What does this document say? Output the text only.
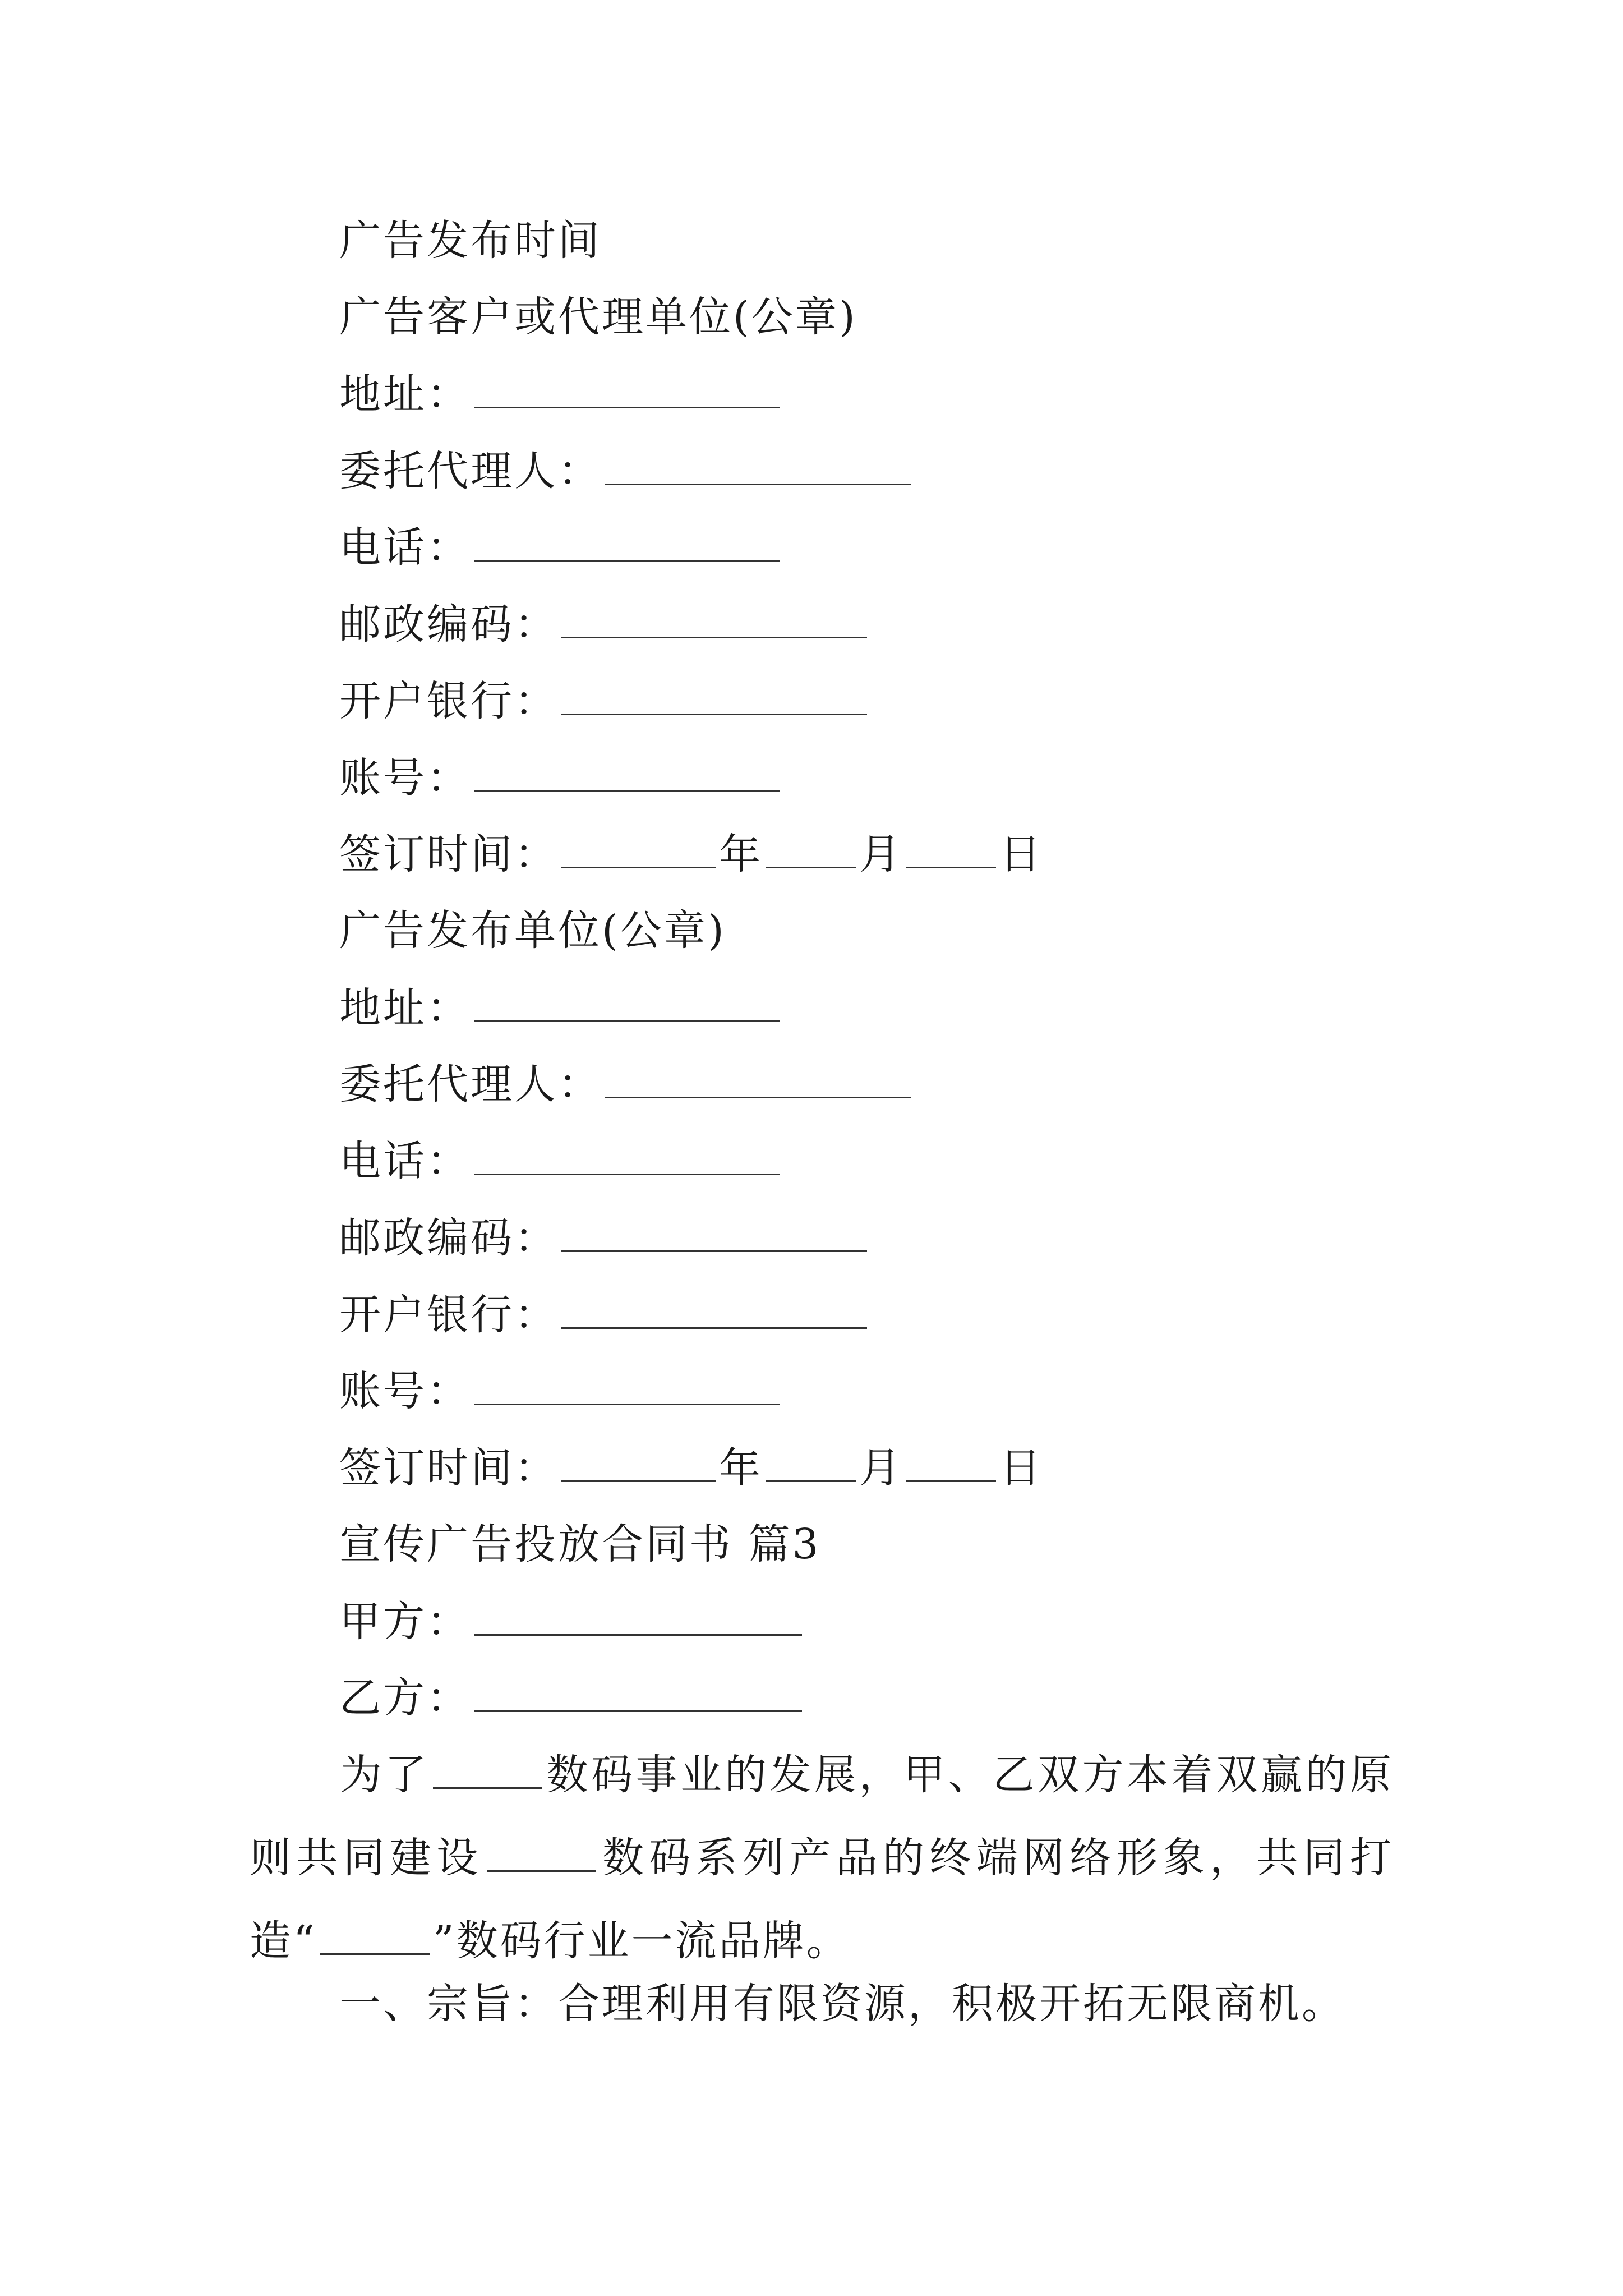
广告发布时间
广告客户或代理单位(公章)
地址：
委托代理人：
电话：
邮政编码：
开户银行：
账号：
签订时间：	年 月 日
广告发布单位(公章)
地址：
委托代理人：
电话：
邮政编码：
开户银行：
账号：
签订时间：	年 月 日
宣传广告投放合同书 篇3
甲方：
乙方：
为了	数码事业的发展，甲、乙双方本着双赢的原则共同建设	数码系列产品的终端网络形象，共同打造“	”数码行业一流品牌。
一、宗旨：合理利用有限资源，积极开拓无限商机。
